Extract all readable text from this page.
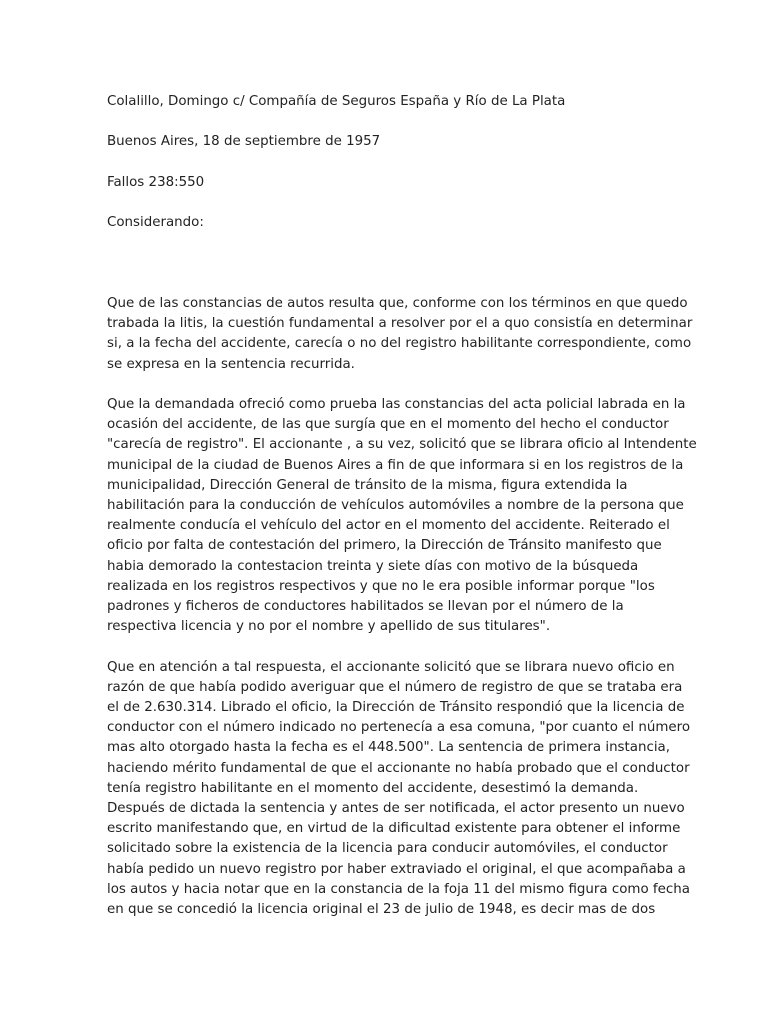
Colalillo, Domingo c/ Compañía de Seguros España y Río de La Plata
Buenos Aires, 18 de septiembre de 1957
Fallos 238:550
Considerando:
Que de las constancias de autos resulta que, conforme con los términos en que quedo
trabada la litis, la cuestión fundamental a resolver por el a quo consistía en determinar
si, a la fecha del accidente, carecía o no del registro habilitante correspondiente, como
se expresa en la sentencia recurrida.
Que la demandada ofreció como prueba las constancias del acta policial labrada en la
ocasión del accidente, de las que surgía que en el momento del hecho el conductor
"carecía de registro". El accionante , a su vez, solicitó que se librara oficio al Intendente
municipal de la ciudad de Buenos Aires a fin de que informara si en los registros de la
municipalidad, Dirección General de tránsito de la misma, figura extendida la
habilitación para la conducción de vehículos automóviles a nombre de la persona que
realmente conducía el vehículo del actor en el momento del accidente. Reiterado el
oficio por falta de contestación del primero, la Dirección de Tránsito manifesto que
habia demorado la contestacion treinta y siete días con motivo de la búsqueda
realizada en los registros respectivos y que no le era posible informar porque "los
padrones y ficheros de conductores habilitados se llevan por el número de la
respectiva licencia y no por el nombre y apellido de sus titulares".
Que en atención a tal respuesta, el accionante solicitó que se librara nuevo oficio en
razón de que había podido averiguar que el número de registro de que se trataba era
el de 2.630.314. Librado el oficio, la Dirección de Tránsito respondió que la licencia de
conductor con el número indicado no pertenecía a esa comuna, "por cuanto el número
mas alto otorgado hasta la fecha es el 448.500". La sentencia de primera instancia,
haciendo mérito fundamental de que el accionante no había probado que el conductor
tenía registro habilitante en el momento del accidente, desestimó la demanda.
Después de dictada la sentencia y antes de ser notificada, el actor presento un nuevo
escrito manifestando que, en virtud de la dificultad existente para obtener el informe
solicitado sobre la existencia de la licencia para conducir automóviles, el conductor
había pedido un nuevo registro por haber extraviado el original, el que acompañaba a
los autos y hacia notar que en la constancia de la foja 11 del mismo figura como fecha
en que se concedió la licencia original el 23 de julio de 1948, es decir mas de dos
